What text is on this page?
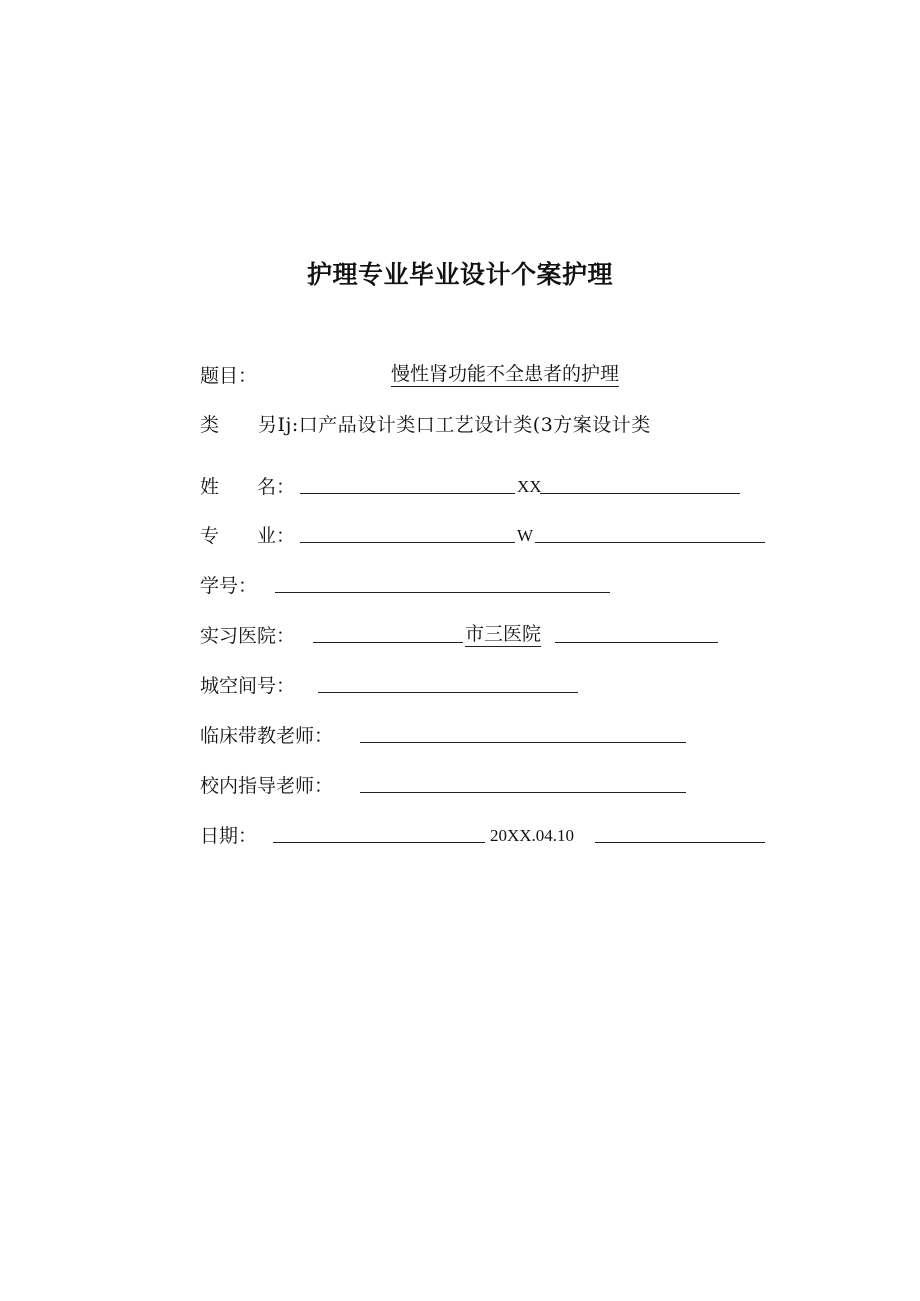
护理专业毕业设计个案护理
题目：	慢性肾功能不全患者的护理
类 另Ij:口产品设计类口工艺设计类(3方案设计类
姓　　名：	XX
专　　业：	W
学号：
实习医院：	市三医院
城空间号：
临床带教老师：
校内指导老师：
日期：	20XX.04.10
